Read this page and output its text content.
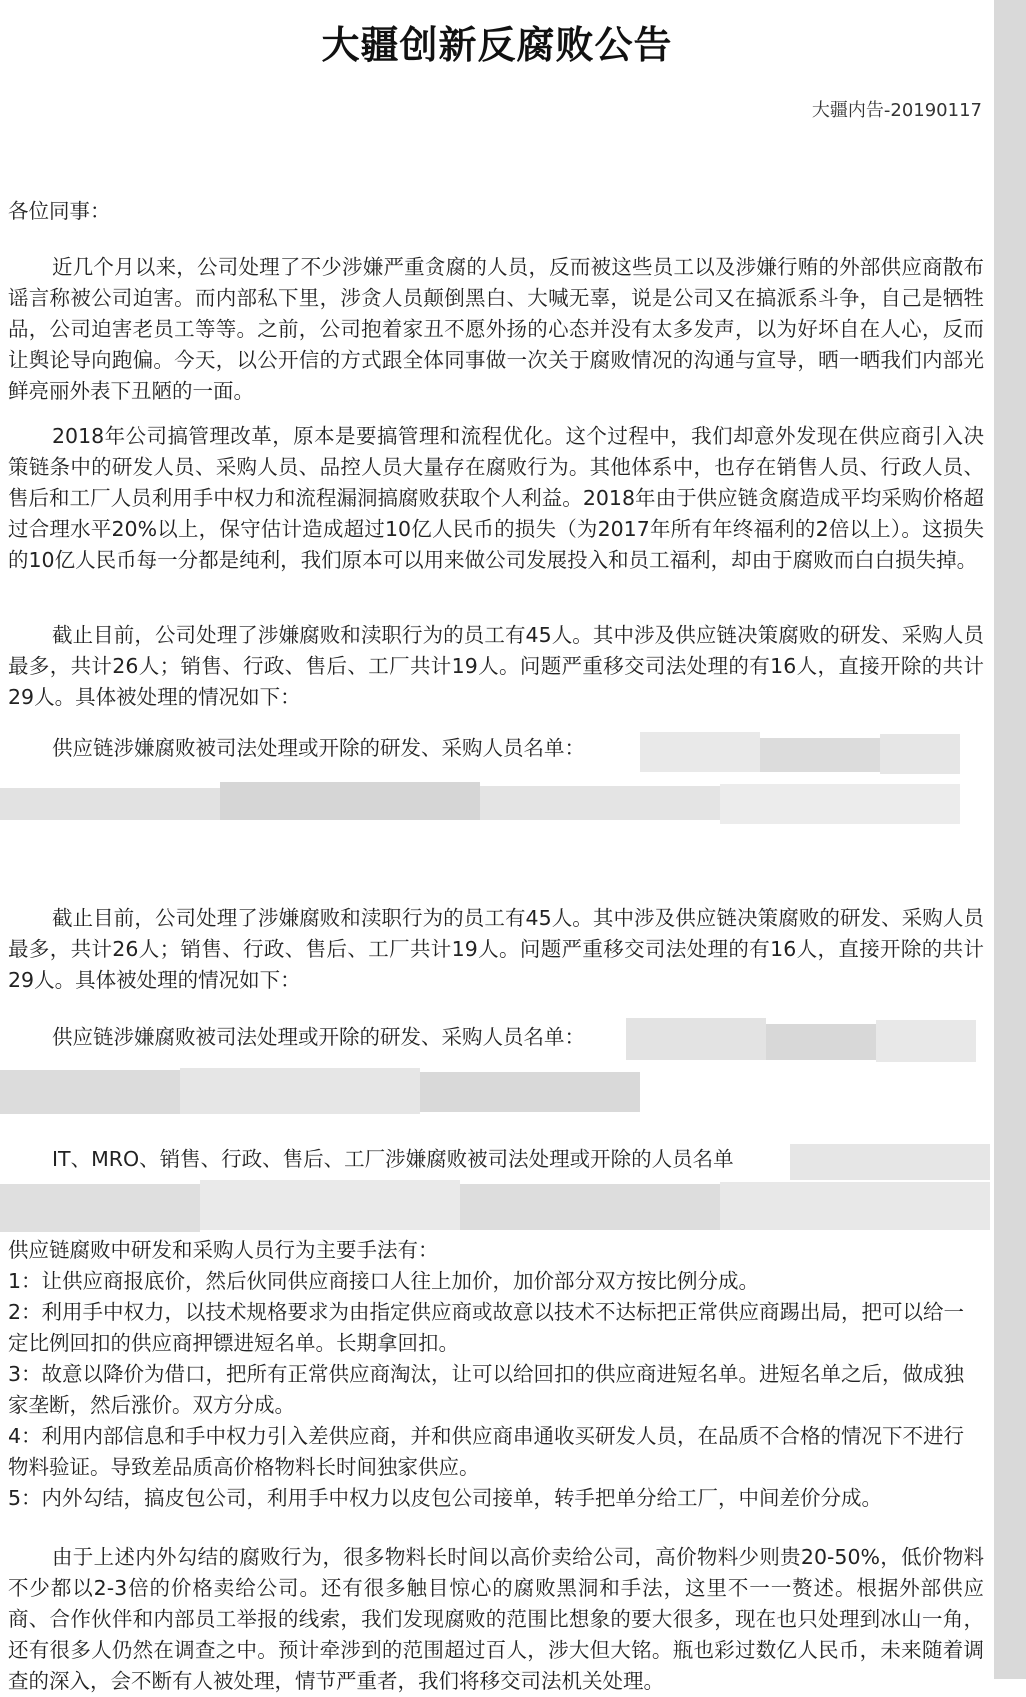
大疆创新反腐败公告
大疆内告-20190117

各位同事：

近几个月以来，公司处理了不少涉嫌严重贪腐的人员，反而被这些员工以及涉嫌行贿的外部供应商散布谣言称被公司迫害。而内部私下里，涉贪人员颠倒黑白、大喊无辜，说是公司又在搞派系斗争，自己是牺牲品，公司迫害老员工等等。之前，公司抱着家丑不愿外扬的心态并没有太多发声，以为好坏自在人心，反而让舆论导向跑偏。今天，以公开信的方式跟全体同事做一次关于腐败情况的沟通与宣导，晒一晒我们内部光鲜亮丽外表下丑陋的一面。

2018年公司搞管理改革，原本是要搞管理和流程优化。这个过程中，我们却意外发现在供应商引入决策链条中的研发人员、采购人员、品控人员大量存在腐败行为。其他体系中，也存在销售人员、行政人员、售后和工厂人员利用手中权力和流程漏洞搞腐败获取个人利益。2018年由于供应链贪腐造成平均采购价格超过合理水平20%以上，保守估计造成超过10亿人民币的损失（为2017年所有年终福利的2倍以上）。这损失的10亿人民币每一分都是纯利，我们原本可以用来做公司发展投入和员工福利，却由于腐败而白白损失掉。

截止目前，公司处理了涉嫌腐败和渎职行为的员工有45人。其中涉及供应链决策腐败的研发、采购人员最多，共计26人；销售、行政、售后、工厂共计19人。问题严重移交司法处理的有16人，直接开除的共计29人。具体被处理的情况如下：

供应链涉嫌腐败被司法处理或开除的研发、采购人员名单：

截止目前，公司处理了涉嫌腐败和渎职行为的员工有45人。其中涉及供应链决策腐败的研发、采购人员最多，共计26人；销售、行政、售后、工厂共计19人。问题严重移交司法处理的有16人，直接开除的共计29人。具体被处理的情况如下：

供应链涉嫌腐败被司法处理或开除的研发、采购人员名单：
IT、MRO、销售、行政、售后、工厂涉嫌腐败被司法处理或开除的人员名单

供应链腐败中研发和采购人员行为主要手法有：

1：让供应商报底价，然后伙同供应商接口人往上加价，加价部分双方按比例分成。

2：利用手中权力，以技术规格要求为由指定供应商或故意以技术不达标把正常供应商踢出局，把可以给一定比例回扣的供应商押镖进短名单。长期拿回扣。

3：故意以降价为借口，把所有正常供应商淘汰，让可以给回扣的供应商进短名单。进短名单之后，做成独家垄断，然后涨价。双方分成。

4：利用内部信息和手中权力引入差供应商，并和供应商串通收买研发人员，在品质不合格的情况下不进行物料验证。导致差品质高价格物料长时间独家供应。

5：内外勾结，搞皮包公司，利用手中权力以皮包公司接单，转手把单分给工厂，中间差价分成。

由于上述内外勾结的腐败行为，很多物料长时间以高价卖给公司，高价物料少则贵20-50%，低价物料不少都以2-3倍的价格卖给公司。还有很多触目惊心的腐败黑洞和手法，这里不一一赘述。根据外部供应商、合作伙伴和内部员工举报的线索，我们发现腐败的范围比想象的要大很多，现在也只处理到冰山一角，还有很多人仍然在调查之中。预计牵涉到的范围超过百人，涉大但大铭。瓶也彩过数亿人民币，未来随着调查的深入，会不断有人被处理，情节严重者，我们将移交司法机关处理。
